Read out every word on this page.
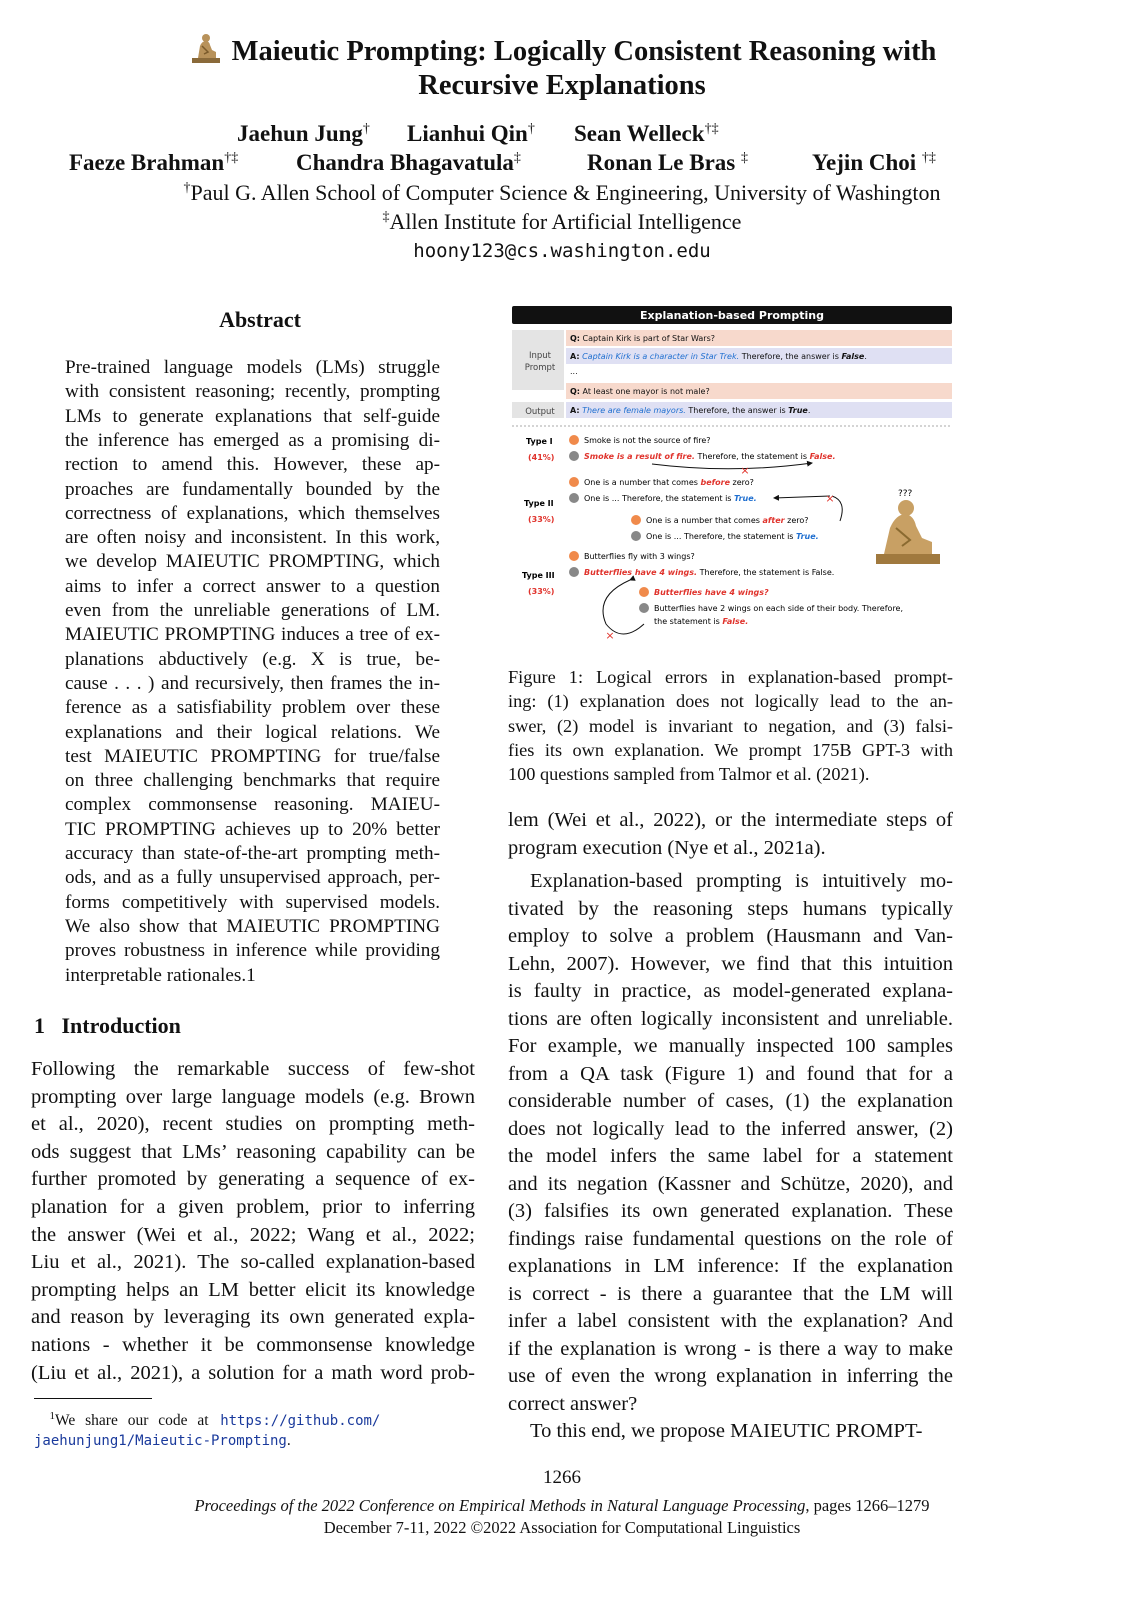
Maieutic Prompting: Logically Consistent Reasoning with
Recursive Explanations
Jaehun Jung† Lianhui Qin† Sean Welleck†‡
Faeze Brahman†‡	Chandra Bhagavatula‡	Ronan Le Bras ‡	Yejin Choi †‡
†Paul G. Allen School of Computer Science & Engineering, University of Washington
‡Allen Institute for Artificial Intelligence
hoony123@cs.washington.edu
Abstract
Pre-trained language models (LMs) struggle
with consistent reasoning; recently, prompting
LMs to generate explanations that self-guide
the inference has emerged as a promising di-
rection to amend this. However, these ap-
proaches are fundamentally bounded by the
correctness of explanations, which themselves
are often noisy and inconsistent. In this work,
we develop MAIEUTIC PROMPTING, which
aims to infer a correct answer to a question
even from the unreliable generations of LM.
MAIEUTIC PROMPTING induces a tree of ex-
planations abductively (e.g. X is true, be-
cause . . . ) and recursively, then frames the in-
ference as a satisfiability problem over these
explanations and their logical relations. We
test MAIEUTIC PROMPTING for true/false
on three challenging benchmarks that require
complex commonsense reasoning. MAIEU-
TIC PROMPTING achieves up to 20% better
accuracy than state-of-the-art prompting meth-
ods, and as a fully unsupervised approach, per-
forms competitively with supervised models.
We also show that MAIEUTIC PROMPTING
proves robustness in inference while providing
interpretable rationales.1
1 Introduction
Following the remarkable success of few-shot
prompting over large language models (e.g. Brown
et al., 2020), recent studies on prompting meth-
ods suggest that LMs’ reasoning capability can be
further promoted by generating a sequence of ex-
planation for a given problem, prior to inferring
the answer (Wei et al., 2022; Wang et al., 2022;
Liu et al., 2021). The so-called explanation-based
prompting helps an LM better elicit its knowledge
and reason by leveraging its own generated expla-
nations - whether it be commonsense knowledge
(Liu et al., 2021), a solution for a math word prob-
$^1$We share our code at https://github.com/
jaehunjung1/Maieutic-Prompting.
Explanation-based Prompting
Input
Prompt
Output
Q: Captain Kirk is part of Star Wars?
A: Captain Kirk is a character in Star Trek. Therefore, the answer is False.
...
Q: At least one mayor is not male?
A: There are female mayors. Therefore, the answer is True.
Type I
(41%)
Type II
(33%)
Type III
(33%)
Smoke is not the source of fire?
Smoke is a result of fire. Therefore, the statement is False.
×
One is a number that comes before zero?
One is ... Therefore, the statement is True.	×
One is a number that comes after zero?
One is ... Therefore, the statement is True.
???
Butterflies fly with 3 wings?
Butterflies have 4 wings. Therefore, the statement is False.
×
Butterflies have 4 wings?
Butterflies have 2 wings on each side of their body. Therefore,
the statement is False.
Figure 1: Logical errors in explanation-based prompt-
ing: (1) explanation does not logically lead to the an-
swer, (2) model is invariant to negation, and (3) falsi-
fies its own explanation. We prompt 175B GPT-3 with
100 questions sampled from Talmor et al. (2021).
lem (Wei et al., 2022), or the intermediate steps of
program execution (Nye et al., 2021a).
Explanation-based prompting is intuitively mo-
tivated by the reasoning steps humans typically
employ to solve a problem (Hausmann and Van-
Lehn, 2007). However, we find that this intuition
is faulty in practice, as model-generated explana-
tions are often logically inconsistent and unreliable.
For example, we manually inspected 100 samples
from a QA task (Figure 1) and found that for a
considerable number of cases, (1) the explanation
does not logically lead to the inferred answer, (2)
the model infers the same label for a statement
and its negation (Kassner and Schütze, 2020), and
(3) falsifies its own generated explanation. These
findings raise fundamental questions on the role of
explanations in LM inference: If the explanation
is correct - is there a guarantee that the LM will
infer a label consistent with the explanation? And
if the explanation is wrong - is there a way to make
use of even the wrong explanation in inferring the
correct answer?
To this end, we propose MAIEUTIC PROMPT-
1266
Proceedings of the 2022 Conference on Empirical Methods in Natural Language Processing, pages 1266–1279
December 7-11, 2022 ©2022 Association for Computational Linguistics
